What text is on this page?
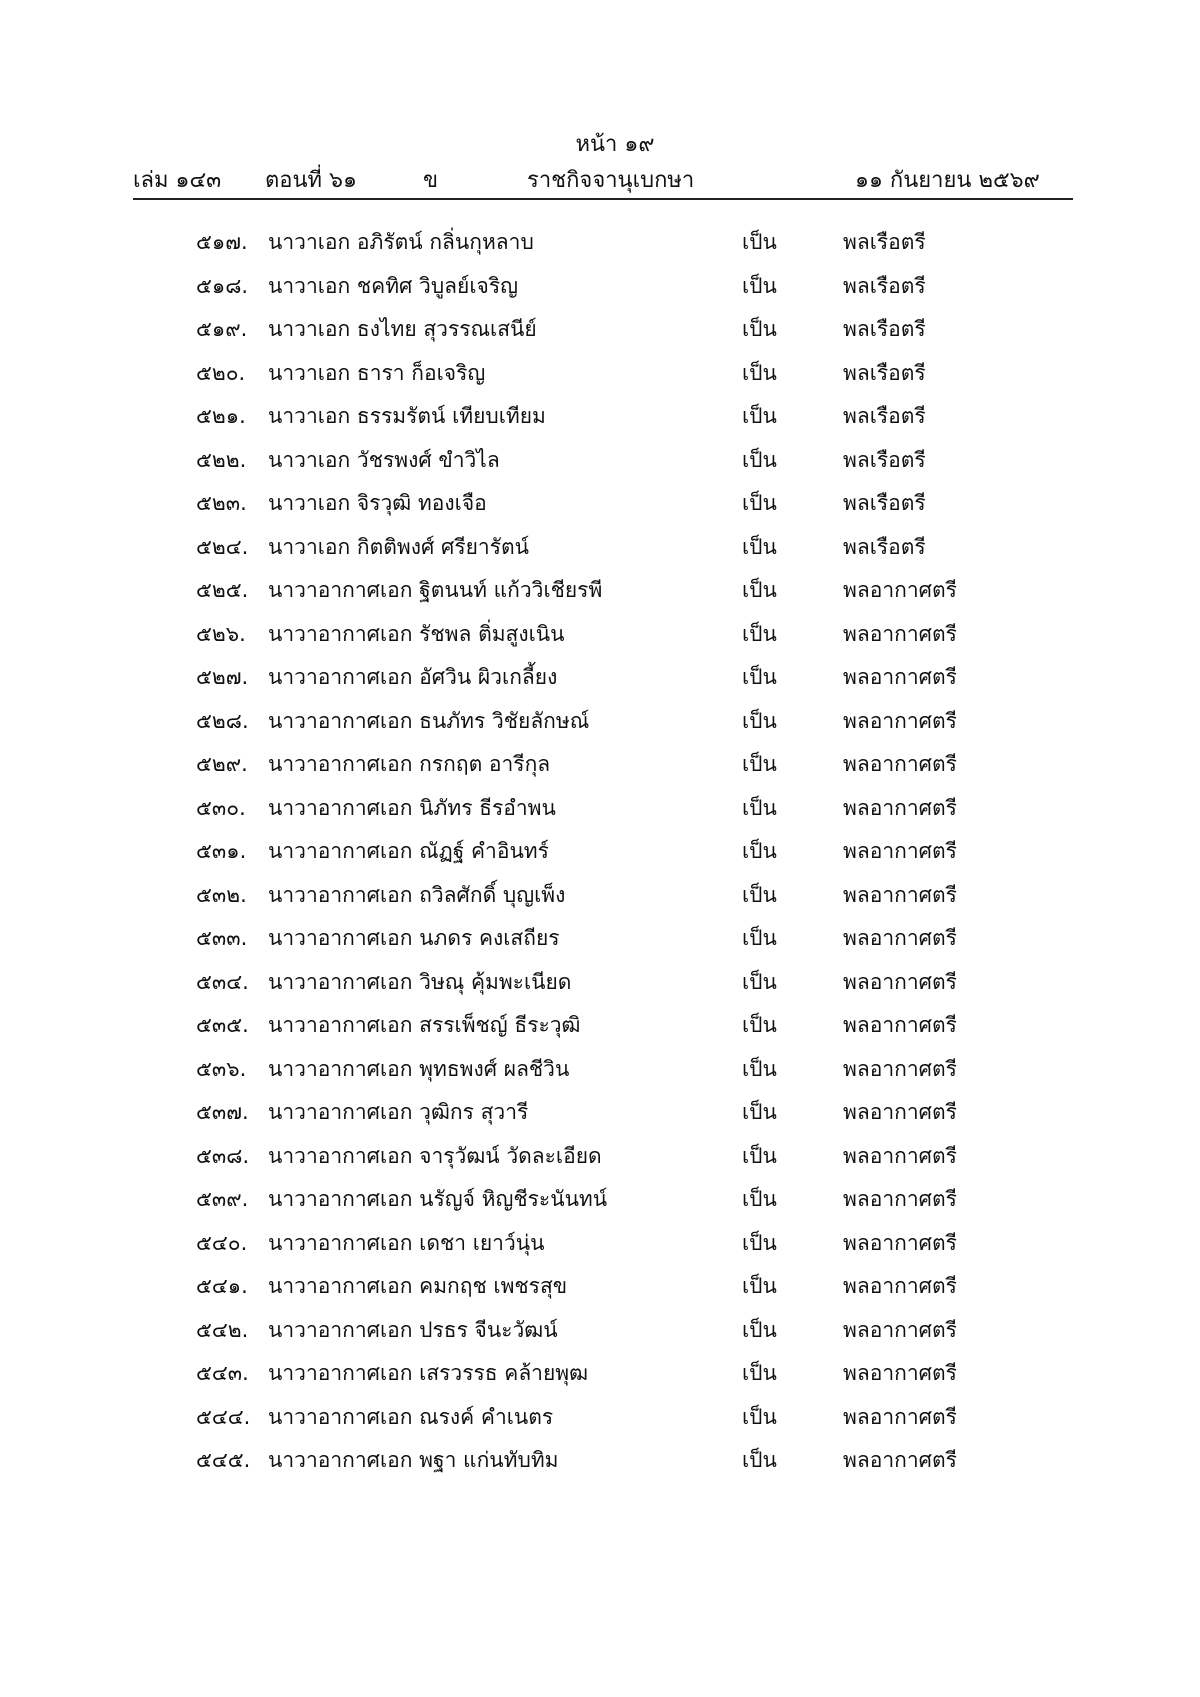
หน้า ๑๙
เล่ม ๑๔๓ ตอนที่ ๖๑	ข	ราชกิจจานุเบกษา	๑๑ กันยายน ๒๕๖๙
๕๑๗. นาวาเอก อภิรัตน์ กลิ่นกุหลาบ	เป็น	พลเรือตรี
๕๑๘. นาวาเอก ชคทิศ วิบูลย์เจริญ	เป็น	พลเรือตรี
๕๑๙. นาวาเอก ธงไทย สุวรรณเสนีย์	เป็น	พลเรือตรี
๕๒๐. นาวาเอก ธารา ก็อเจริญ	เป็น	พลเรือตรี
๕๒๑. นาวาเอก ธรรมรัตน์ เทียบเทียม	เป็น	พลเรือตรี
๕๒๒. นาวาเอก วัชรพงศ์ ขำวิไล	เป็น	พลเรือตรี
๕๒๓. นาวาเอก จิรวุฒิ ทองเจือ	เป็น	พลเรือตรี
๕๒๔. นาวาเอก กิตติพงศ์ ศรียารัตน์	เป็น	พลเรือตรี
๕๒๕. นาวาอากาศเอก ฐิตนนท์ แก้ววิเชียรพี	เป็น	พลอากาศตรี
๕๒๖. นาวาอากาศเอก รัชพล ติ่มสูงเนิน	เป็น	พลอากาศตรี
๕๒๗. นาวาอากาศเอก อัศวิน ผิวเกลี้ยง	เป็น	พลอากาศตรี
๕๒๘. นาวาอากาศเอก ธนภัทร วิชัยลักษณ์	เป็น	พลอากาศตรี
๕๒๙. นาวาอากาศเอก กรกฤต อารีกุล	เป็น	พลอากาศตรี
๕๓๐. นาวาอากาศเอก นิภัทร ธีรอำพน	เป็น	พลอากาศตรี
๕๓๑. นาวาอากาศเอก ณัฏฐ์ คำอินทร์	เป็น	พลอากาศตรี
๕๓๒. นาวาอากาศเอก ถวิลศักดิ์ บุญเพ็ง	เป็น	พลอากาศตรี
๕๓๓. นาวาอากาศเอก นภดร คงเสถียร	เป็น	พลอากาศตรี
๕๓๔. นาวาอากาศเอก วิษณุ คุ้มพะเนียด	เป็น	พลอากาศตรี
๕๓๕. นาวาอากาศเอก สรรเพ็ชญ์ ธีระวุฒิ	เป็น	พลอากาศตรี
๕๓๖. นาวาอากาศเอก พุทธพงศ์ ผลชีวิน	เป็น	พลอากาศตรี
๕๓๗. นาวาอากาศเอก วุฒิกร สุวารี	เป็น	พลอากาศตรี
๕๓๘. นาวาอากาศเอก จารุวัฒน์ วัดละเอียด	เป็น	พลอากาศตรี
๕๓๙. นาวาอากาศเอก นรัญจ์ หิญชีระนันทน์	เป็น	พลอากาศตรี
๕๔๐. นาวาอากาศเอก เดชา เยาว์นุ่น	เป็น	พลอากาศตรี
๕๔๑. นาวาอากาศเอก คมกฤช เพชรสุข	เป็น	พลอากาศตรี
๕๔๒. นาวาอากาศเอก ปรธร จีนะวัฒน์	เป็น	พลอากาศตรี
๕๔๓. นาวาอากาศเอก เสรวรรธ คล้ายพุฒ	เป็น	พลอากาศตรี
๕๔๔. นาวาอากาศเอก ณรงค์ คำเนตร	เป็น	พลอากาศตรี
๕๔๕. นาวาอากาศเอก พฐา แก่นทับทิม	เป็น	พลอากาศตรี
